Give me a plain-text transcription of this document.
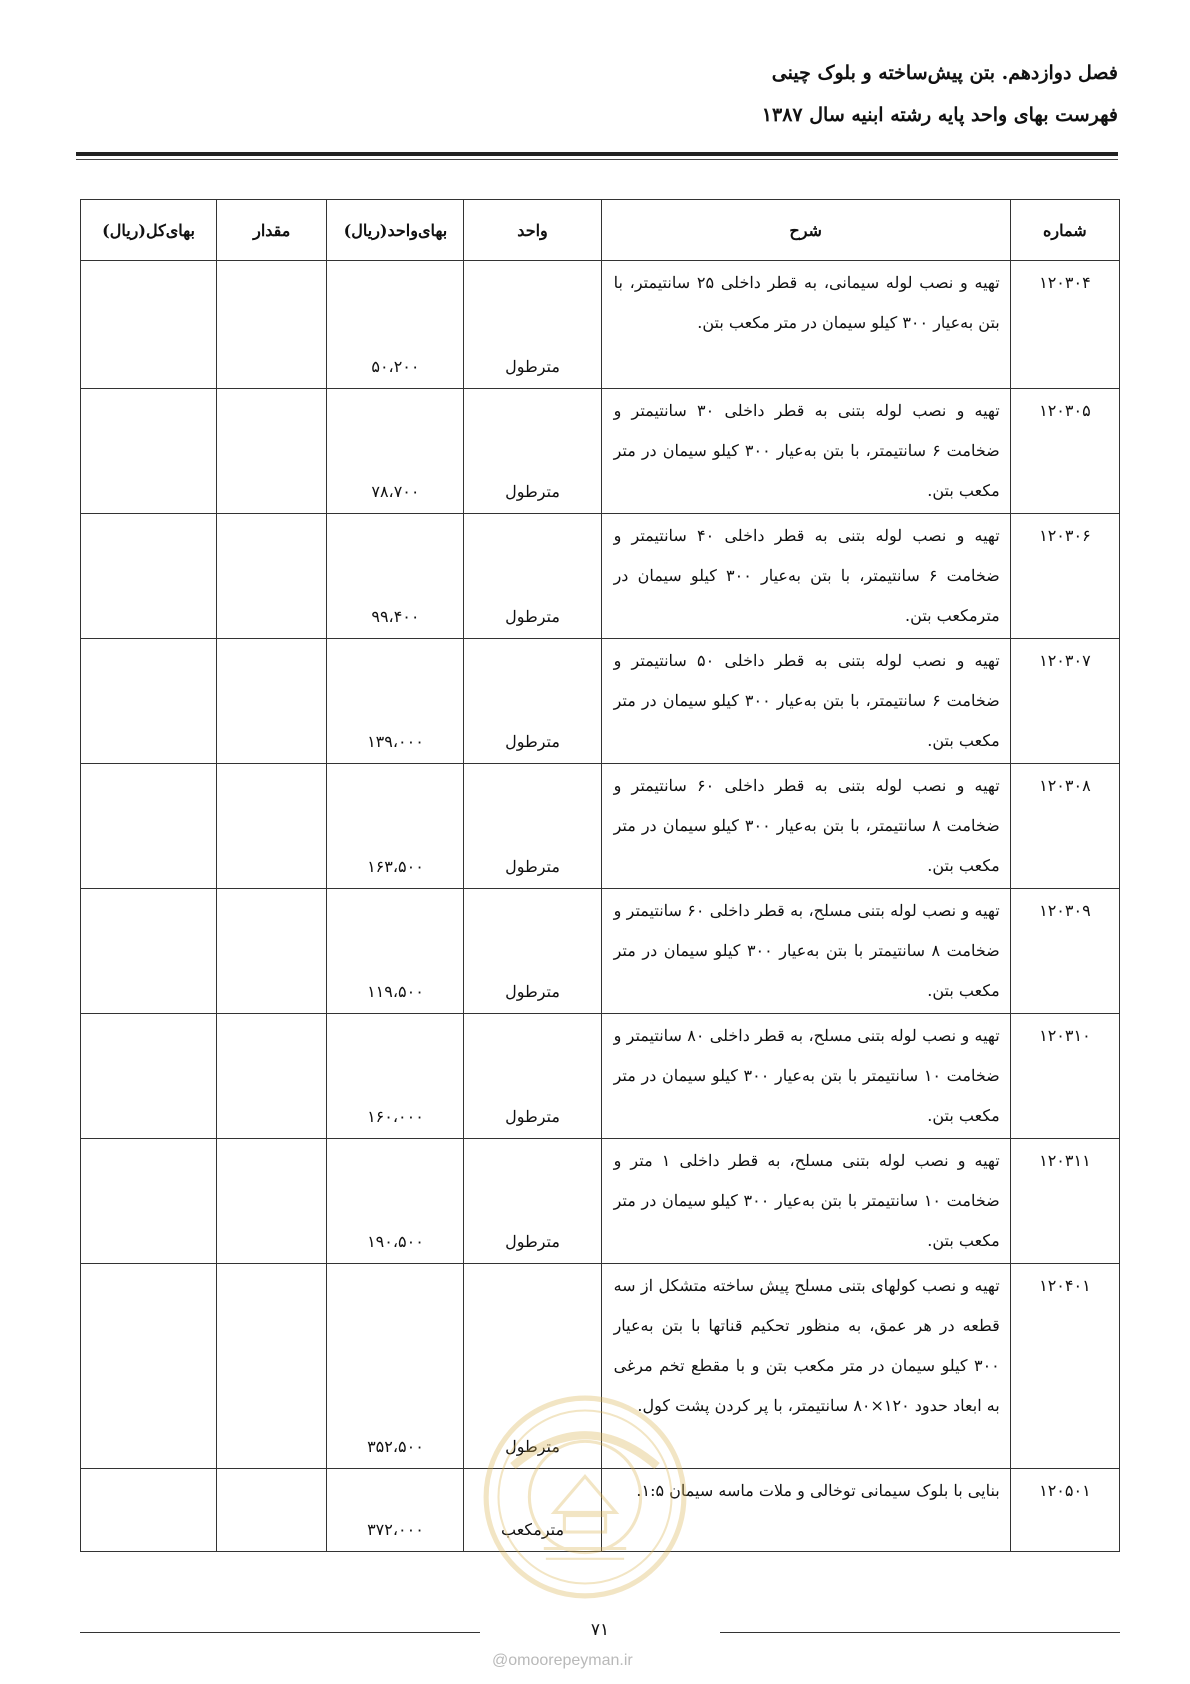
فصل دوازدهم. بتن پیش‌ساخته و بلوک چینی
فهرست بهای واحد پایه رشته ابنیه سال ۱۳۸۷
شماره	شرح	واحد	بهای‌واحد(ریال)	مقدار	بهای‌کل(ریال)
۱۲۰۳۰۴	تهیه و نصب لوله سیمانی، به قطر داخلی ۲۵ سانتیمتر، با بتن به‌عیار ۳۰۰ کیلو سیمان در متر مکعب بتن.	مترطول	۵۰،۲۰۰		
۱۲۰۳۰۵	تهیه و نصب لوله بتنی به قطر داخلی ۳۰ سانتیمتر و ضخامت ۶ سانتیمتر، با بتن به‌عیار ۳۰۰ کیلو سیمان در متر مکعب بتن.	مترطول	۷۸،۷۰۰		
۱۲۰۳۰۶	تهیه و نصب لوله بتنی به قطر داخلی ۴۰ سانتیمتر و ضخامت ۶ سانتیمتر، با بتن به‌عیار ۳۰۰ کیلو سیمان در مترمکعب بتن.	مترطول	۹۹،۴۰۰		
۱۲۰۳۰۷	تهیه و نصب لوله بتنی به قطر داخلی ۵۰ سانتیمتر و ضخامت ۶ سانتیمتر، با بتن به‌عیار ۳۰۰ کیلو سیمان در متر مکعب بتن.	مترطول	۱۳۹،۰۰۰		
۱۲۰۳۰۸	تهیه و نصب لوله بتنی به قطر داخلی ۶۰ سانتیمتر و ضخامت ۸ سانتیمتر، با بتن به‌عیار ۳۰۰ کیلو سیمان در متر مکعب بتن.	مترطول	۱۶۳،۵۰۰		
۱۲۰۳۰۹	تهیه و نصب لوله بتنی مسلح، به قطر داخلی ۶۰ سانتیمتر و ضخامت ۸ سانتیمتر با بتن به‌عیار ۳۰۰ کیلو سیمان در متر مکعب بتن.	مترطول	۱۱۹،۵۰۰		
۱۲۰۳۱۰	تهیه و نصب لوله بتنی مسلح، به قطر داخلی ۸۰ سانتیمتر و ضخامت ۱۰ سانتیمتر با بتن به‌عیار ۳۰۰ کیلو سیمان در متر مکعب بتن.	مترطول	۱۶۰،۰۰۰		
۱۲۰۳۱۱	تهیه و نصب لوله بتنی مسلح، به قطر داخلی ۱ متر و ضخامت ۱۰ سانتیمتر با بتن به‌عیار ۳۰۰ کیلو سیمان در متر مکعب بتن.	مترطول	۱۹۰،۵۰۰		
۱۲۰۴۰۱	تهیه و نصب کولهای بتنی مسلح پیش ساخته متشکل از سه قطعه در هر عمق، به منظور تحکیم قناتها با بتن به‌عیار ۳۰۰ کیلو سیمان در متر مکعب بتن و با مقطع تخم مرغی به ابعاد حدود ۱۲۰×۸۰ سانتیمتر، با پر کردن پشت کول.	مترطول	۳۵۲،۵۰۰		
۱۲۰۵۰۱	بنایی با بلوک سیمانی توخالی و ملات ماسه سیمان ۱:۵.	مترمکعب	۳۷۲،۰۰۰		
۷۱
@omoorepeyman.ir
